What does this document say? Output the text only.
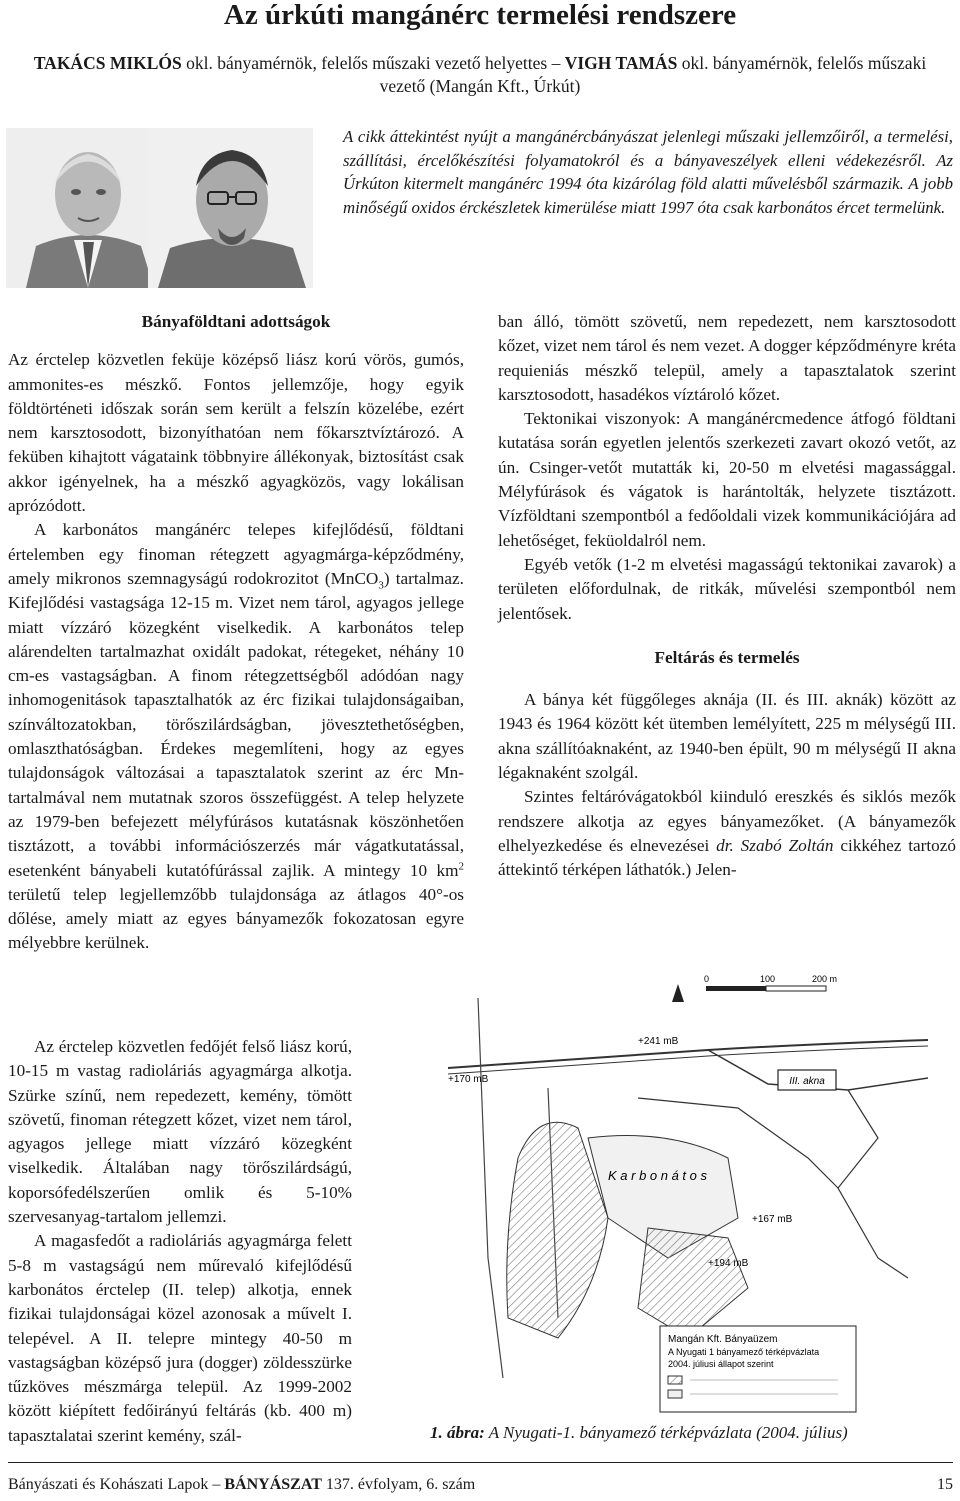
Az úrkúti mangánérc termelési rendszere
TAKÁCS MIKLÓS okl. bányamérnök, felelős műszaki vezető helyettes – VIGH TAMÁS okl. bányamérnök, felelős műszaki vezető (Mangán Kft., Úrkút)
A cikk áttekintést nyújt a mangánércbányászat jelenlegi műszaki jellemzőiről, a termelési, szállítási, ércelőkészítési folyamatokról és a bányaveszélyek elleni védekezésről. Az Úrkúton kitermelt mangánérc 1994 óta kizárólag föld alatti művelésből származik. A jobb minőségű oxidos érckészletek kimerülése miatt 1997 óta csak karbonátos ércet termelünk.

Bányaföldtani adottságok

Az érctelep közvetlen feküje középső liász korú vörös, gumós, ammonites-es mészkő. Fontos jellemzője, hogy egyik földtörténeti időszak során sem került a felszín közelébe, ezért nem karsztosodott, bizonyíthatóan nem főkarsztvíztározó. A feküben kihajtott vágataink többnyire állékonyak, biztosítást csak akkor igényelnek, ha a mészkő agyagközös, vagy lokálisan aprózódott.

A karbonátos mangánérc telepes kifejlődésű, földtani értelemben egy finoman rétegzett agyagmárga-képződmény, amely mikronos szemnagyságú rodokrozitot (MnCO$_3$) tartalmaz. Kifejlődési vastagsága 12-15 m. Vizet nem tárol, agyagos jellege miatt vízzáró közegként viselkedik. A karbonátos telep alárendelten tartalmazhat oxidált padokat, rétegeket, néhány 10 cm-es vastagságban. A finom rétegzettségből adódóan nagy inhomogenitások tapasztalhatók az érc fizikai tulajdonságaiban, színváltozatokban, törőszilárdságban, jövesztethetőségben, omlaszthatóságban. Érdekes megemlíteni, hogy az egyes tulajdonságok változásai a tapasztalatok szerint az érc Mn-tartalmával nem mutatnak szoros összefüggést. A telep helyzete az 1979-ben befejezett mélyfúrásos kutatásnak köszönhetően tisztázott, a további információszerzés már vágatkutatással, esetenként bányabeli kutatófúrással zajlik. A mintegy 10 $km^2$ területű telep legjellemzőbb tulajdonsága az átlagos 40°-os dőlése, amely miatt az egyes bányamezők fokozatosan egyre mélyebbre kerülnek.

Az érctelep közvetlen fedőjét felső liász korú, 10-15 m vastag radioláriás agyagmárga alkotja. Szürke színű, nem repedezett, kemény, tömött szövetű, finoman rétegzett kőzet, vizet nem tárol, agyagos jellege miatt vízzáró közegként viselkedik. Általában nagy törőszilárdságú, koporsófedélszerűen omlik és 5-10% szervesanyag-tartalom jellemzi.

A magasfedőt a radioláriás agyagmárga felett 5-8 m vastagságú nem műrevaló kifejlődésű karbonátos érctelep (II. telep) alkotja, ennek fizikai tulajdonságai közel azonosak a művelt I. telepével. A II. telepre mintegy 40-50 m vastagságban középső jura (dogger) zöldesszürke tűzköves mészmárga települ. Az 1999-2002 között kiépített fedőirányú feltárás (kb. 400 m) tapasztalatai szerint kemény, szál-

ban álló, tömött szövetű, nem repedezett, nem karsztosodott kőzet, vizet nem tárol és nem vezet. A dogger képződményre kréta requieniás mészkő települ, amely a tapasztalatok szerint karsztosodott, hasadékos víztároló kőzet.

Tektonikai viszonyok: A mangánércmedence átfogó földtani kutatása során egyetlen jelentős szerkezeti zavart okozó vetőt, az ún. Csinger-vetőt mutatták ki, 20-50 m elvetési magassággal. Mélyfúrások és vágatok is harántolták, helyzete tisztázott. Vízföldtani szempontból a fedőoldali vizek kommunikációjára ad lehetőséget, feküoldalról nem.

Egyéb vetők (1-2 m elvetési magasságú tektonikai zavarok) a területen előfordulnak, de ritkák, művelési szempontból nem jelentősek.

Feltárás és termelés

A bánya két függőleges aknája (II. és III. aknák) között az 1943 és 1964 között két ütemben lemélyített, 225 m mélységű III. akna szállítóaknaként, az 1940-ben épült, 90 m mélységű II akna légaknaként szolgál.

Szintes feltáróvágatokból kiinduló ereszkés és siklós mezők rendszere alkotja az egyes bányamezőket. (A bányamezők elhelyezkedése és elnevezései dr. Szabó Zoltán cikkéhez tartozó áttekintő térképen láthatók.) Jelen-

III. akna
K a r b o n á t o s
+241 mB
+170 mB
+167 mB
+194 mB
0	100	200 m
Mangán Kft. Bányaüzem
A Nyugati 1 bányamező térképvázlata
2004. júliusi állapot szerint
1. ábra: A Nyugati-1. bányamező térképvázlata (2004. július)
Bányászati és Kohászati Lapok – BÁNYÁSZAT 137. évfolyam, 6. szám	15
